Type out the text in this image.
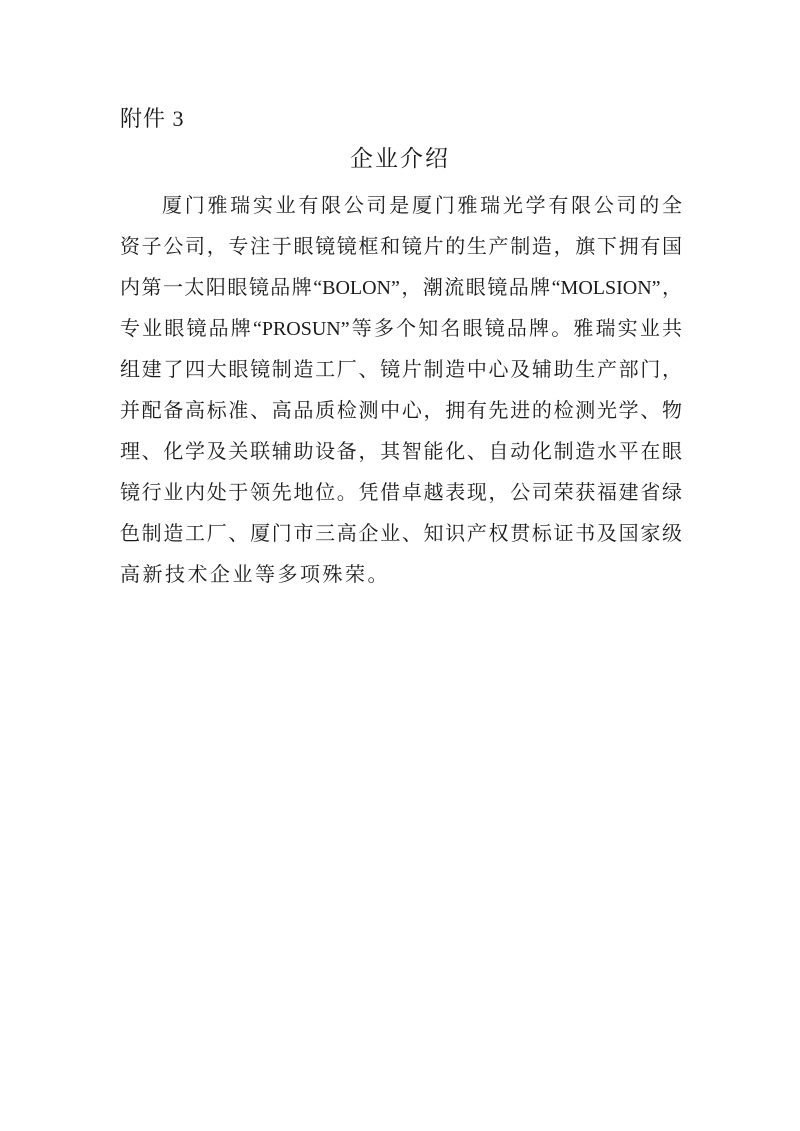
附件 3
企业介绍
厦门雅瑞实业有限公司是厦门雅瑞光学有限公司的全
资子公司，专注于眼镜镜框和镜片的生产制造，旗下拥有国
内第一太阳眼镜品牌“BOLON”，潮流眼镜品牌“MOLSION”，
专业眼镜品牌“PROSUN”等多个知名眼镜品牌。雅瑞实业共
组建了四大眼镜制造工厂、镜片制造中心及辅助生产部门，
并配备高标准、高品质检测中心，拥有先进的检测光学、物
理、化学及关联辅助设备，其智能化、自动化制造水平在眼
镜行业内处于领先地位。凭借卓越表现，公司荣获福建省绿
色制造工厂、厦门市三高企业、知识产权贯标证书及国家级
高新技术企业等多项殊荣。
